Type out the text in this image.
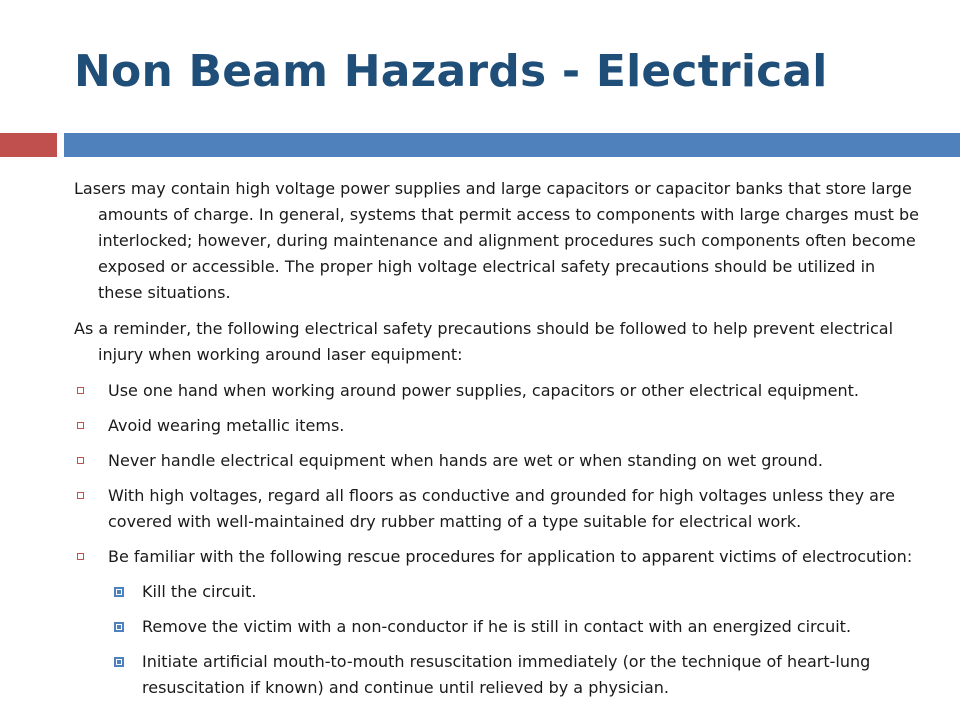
Non Beam Hazards - Electrical

Lasers may contain high voltage power supplies and large capacitors or capacitor banks that store large amounts of charge. In general, systems that permit access to components with large charges must be interlocked; however, during maintenance and alignment procedures such components often become exposed or accessible. The proper high voltage electrical safety precautions should be utilized in these situations.

As a reminder, the following electrical safety precautions should be followed to help prevent electrical injury when working around laser equipment:

Use one hand when working around power supplies, capacitors or other electrical equipment.
Avoid wearing metallic items.
Never handle electrical equipment when hands are wet or when standing on wet ground.
With high voltages, regard all floors as conductive and grounded for high voltages unless they are covered with well-maintained dry rubber matting of a type suitable for electrical work.
Be familiar with the following rescue procedures for application to apparent victims of electrocution:
Kill the circuit.
Remove the victim with a non-conductor if he is still in contact with an energized circuit.
Initiate artificial mouth-to-mouth resuscitation immediately (or the technique of heart-lung resuscitation if known) and continue until relieved by a physician.
